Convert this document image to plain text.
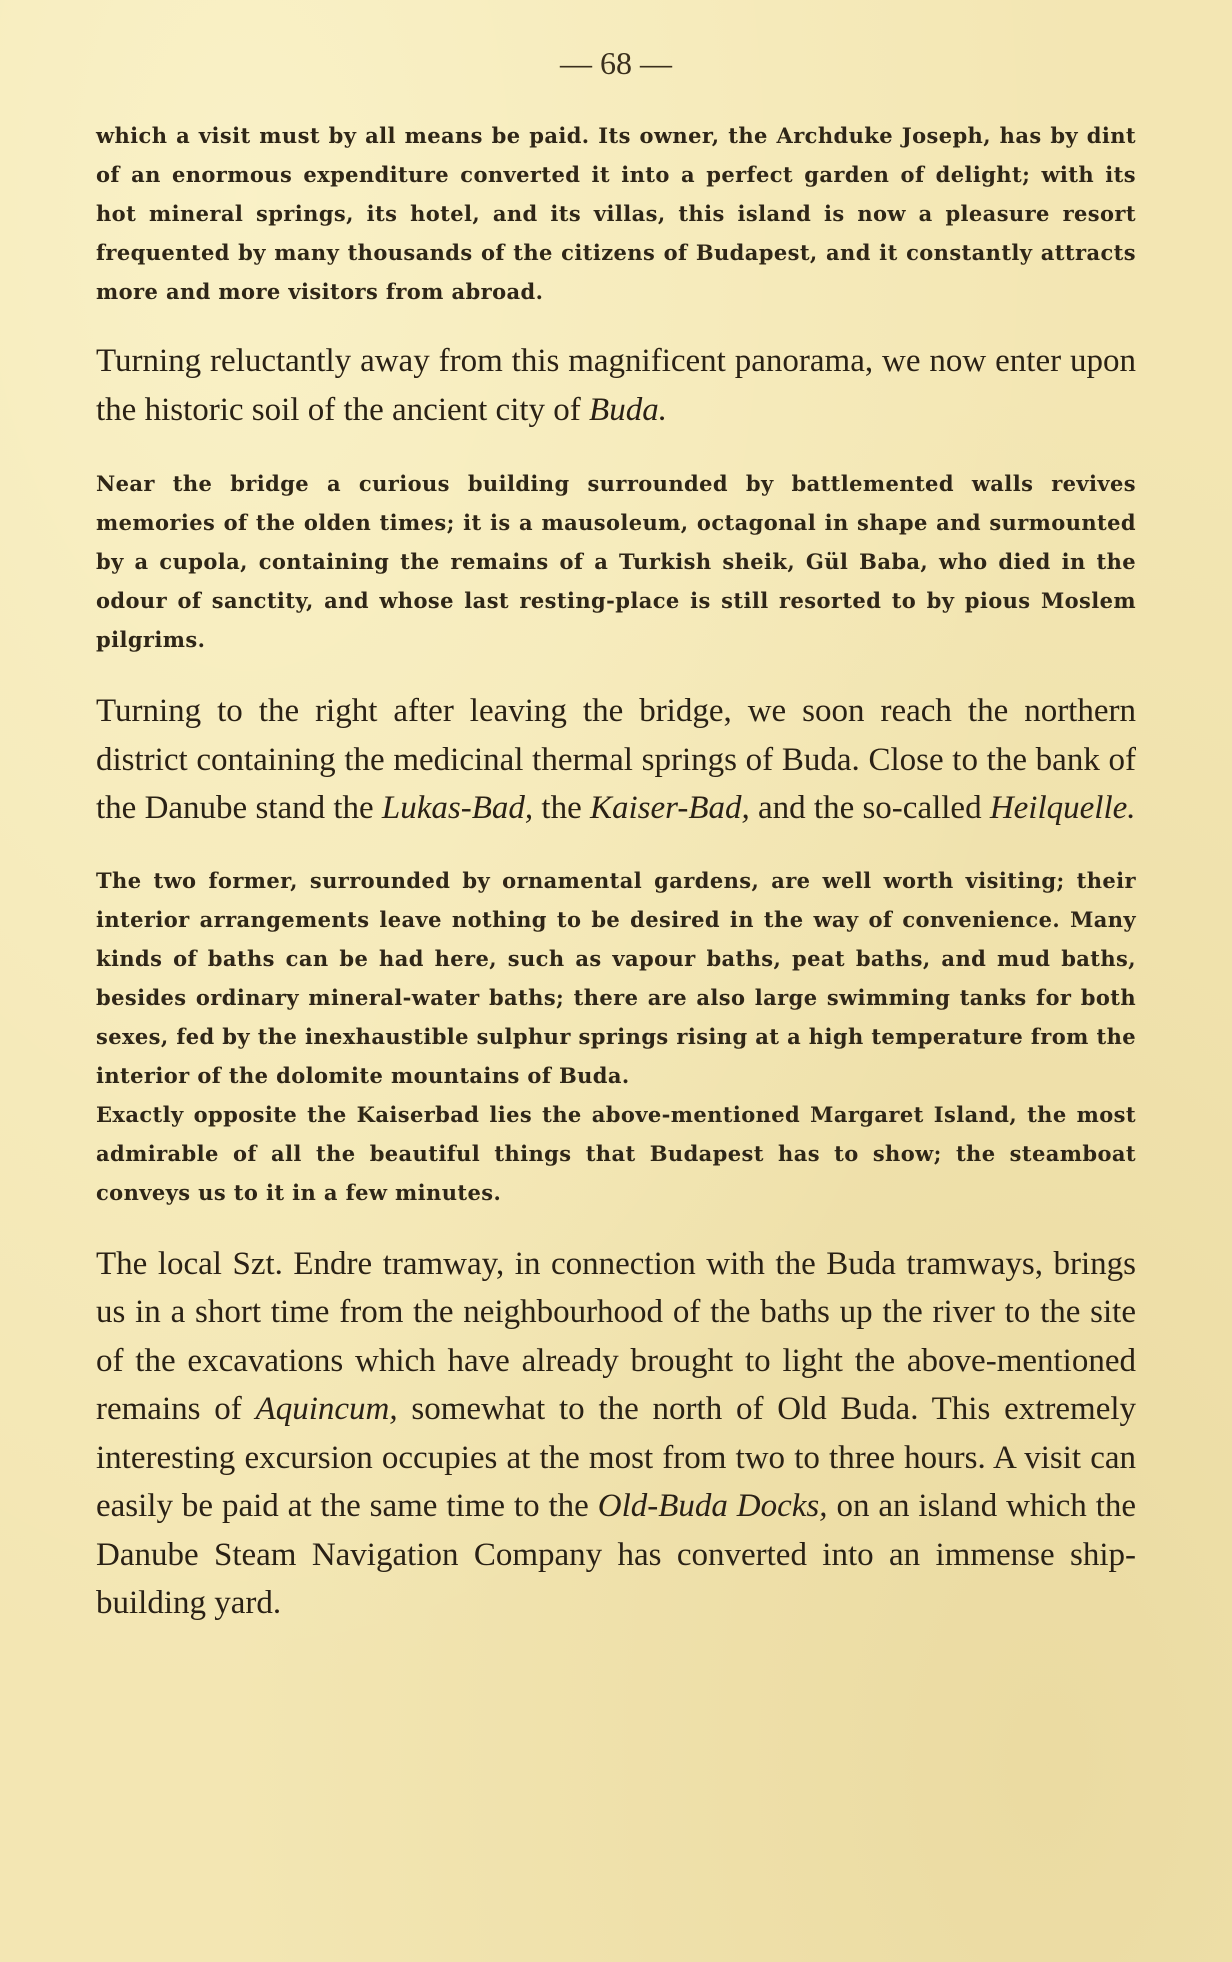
— 68 —

which a visit must by all means be paid. Its owner, the Archduke Joseph, has by dint of an enormous expenditure converted it into a perfect garden of delight; with its hot mineral springs, its hotel, and its villas, this island is now a pleasure resort frequented by many thousands of the citizens of Budapest, and it constantly attracts more and more visitors from abroad.

Turning reluctantly away from this magnificent panorama, we now enter upon the historic soil of the ancient city of Buda.

Near the bridge a curious building surrounded by battlemented walls revives memories of the olden times; it is a mausoleum, octagonal in shape and surmounted by a cupola, containing the remains of a Turkish sheik, Gül Baba, who died in the odour of sanctity, and whose last resting-place is still resorted to by pious Moslem pilgrims.

Turning to the right after leaving the bridge, we soon reach the northern district containing the medicinal thermal springs of Buda. Close to the bank of the Danube stand the Lukas-Bad, the Kaiser-Bad, and the so-called Heilquelle.

The two former, surrounded by ornamental gardens, are well worth visiting; their interior arrangements leave nothing to be desired in the way of convenience. Many kinds of baths can be had here, such as vapour baths, peat baths, and mud baths, besides ordinary mineral-water baths; there are also large swimming tanks for both sexes, fed by the inexhaustible sulphur springs rising at a high temperature from the interior of the dolomite mountains of Buda.

Exactly opposite the Kaiserbad lies the above-mentioned Margaret Island, the most admirable of all the beautiful things that Budapest has to show; the steamboat conveys us to it in a few minutes.

The local Szt. Endre tramway, in connection with the Buda tramways, brings us in a short time from the neighbourhood of the baths up the river to the site of the excavations which have already brought to light the above-mentioned remains of Aquincum, somewhat to the north of Old Buda. This extremely interesting excursion occupies at the most from two to three hours. A visit can easily be paid at the same time to the Old-Buda Docks, on an island which the Danube Steam Navigation Company has converted into an immense ship-building yard.
